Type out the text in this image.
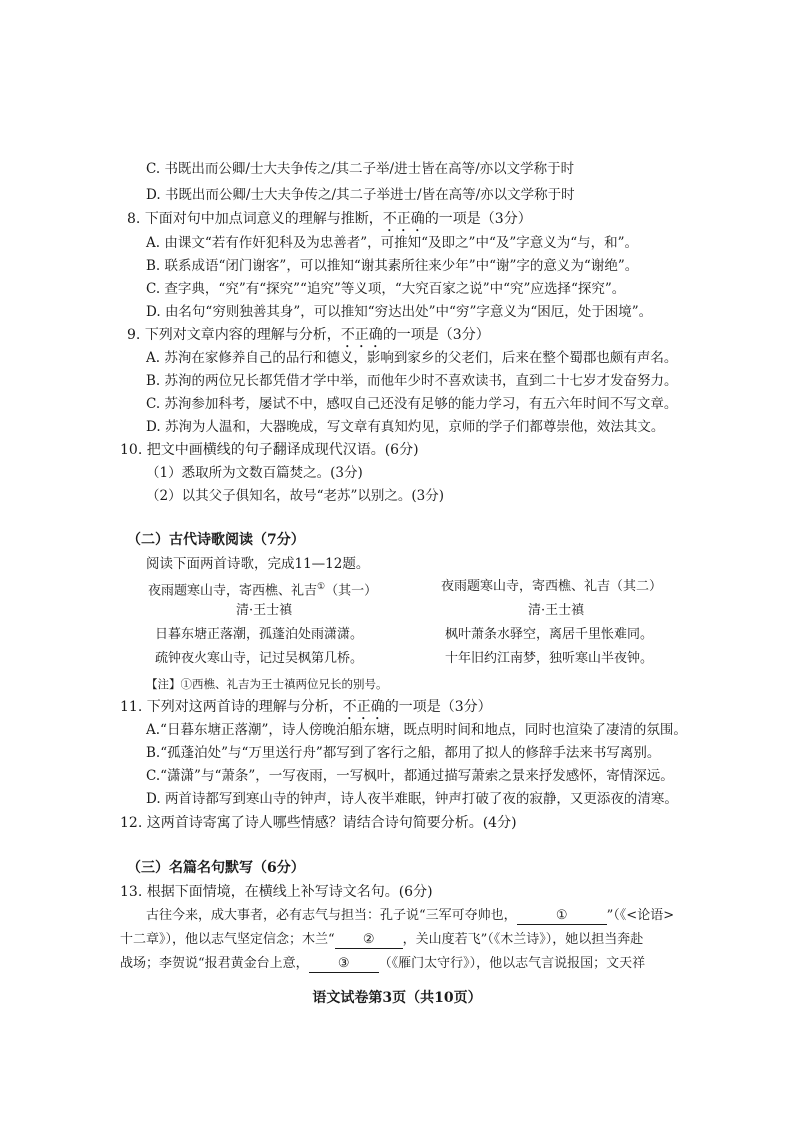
C. 书既出而公卿/士大夫争传之/其二子举/进士皆在高等/亦以文学称于时
D. 书既出而公卿/士大夫争传之/其二子举进士/皆在高等/亦以文学称于时
8. 下面对句中加点词意义的理解与推断，不正确的一项是（3分）
A. 由课文“若有作奸犯科及为忠善者”，可推知“及即之”中“及”字意义为“与，和”。
B. 联系成语“闭门谢客”，可以推知“谢其素所往来少年”中“谢”字的意义为“谢绝”。
C. 查字典，“究”有“探究”“追究”等义项，“大究百家之说”中“究”应选择“探究”。
D. 由名句“穷则独善其身”，可以推知“穷达出处”中“穷”字意义为“困厄，处于困境”。
9. 下列对文章内容的理解与分析，不正确的一项是（3分）
A. 苏洵在家修养自己的品行和德义，影响到家乡的父老们，后来在整个蜀郡也颇有声名。
B. 苏洵的两位兄长都凭借才学中举，而他年少时不喜欢读书，直到二十七岁才发奋努力。
C. 苏洵参加科考，屡试不中，感叹自己还没有足够的能力学习，有五六年时间不写文章。
D. 苏洵为人温和，大器晚成，写文章有真知灼见，京师的学子们都尊崇他，效法其文。
10. 把文中画横线的句子翻译成现代汉语。(6分)
（1）悉取所为文数百篇焚之。(3分)
（2）以其父子俱知名，故号“老苏”以别之。(3分)
（二）古代诗歌阅读（7分）
阅读下面两首诗歌，完成11—12题。
夜雨题寒山寺，寄西樵、礼吉①（其一）
清·王士禛
日暮东塘正落潮，孤蓬泊处雨潇潇。
疏钟夜火寒山寺，记过吴枫第几桥。
夜雨题寒山寺，寄西樵、礼吉（其二）
清·王士禛
枫叶萧条水驿空，离居千里怅难同。
十年旧约江南梦，独听寒山半夜钟。
【注】①西樵、礼吉为王士禛两位兄长的别号。
11. 下列对这两首诗的理解与分析，不正确的一项是（3分）
A.“日暮东塘正落潮”，诗人傍晚泊船东塘，既点明时间和地点，同时也渲染了凄清的氛围。
B.“孤蓬泊处”与“万里送行舟”都写到了客行之船，都用了拟人的修辞手法来书写离别。
C.“潇潇”与“萧条”，一写夜雨，一写枫叶，都通过描写萧索之景来抒发感怀，寄情深远。
D. 两首诗都写到寒山寺的钟声，诗人夜半难眠，钟声打破了夜的寂静，又更添夜的清寒。
12. 这两首诗寄寓了诗人哪些情感？请结合诗句简要分析。(4分)
（三）名篇名句默写（6分）
13. 根据下面情境，在横线上补写诗文名句。(6分)
古往今来，成大事者，必有志气与担当：孔子说“三军可夺帅也，	①	”（《<论语>
语文试卷第3页（共10页）
十二章》），他以志气坚定信念；木兰“ ② ，关山度若飞”（《木兰诗》），她以担当奔赴
战场；李贺说“报君黄金台上意， ③ （《雁门太守行》），他以志气言说报国；文天祥
